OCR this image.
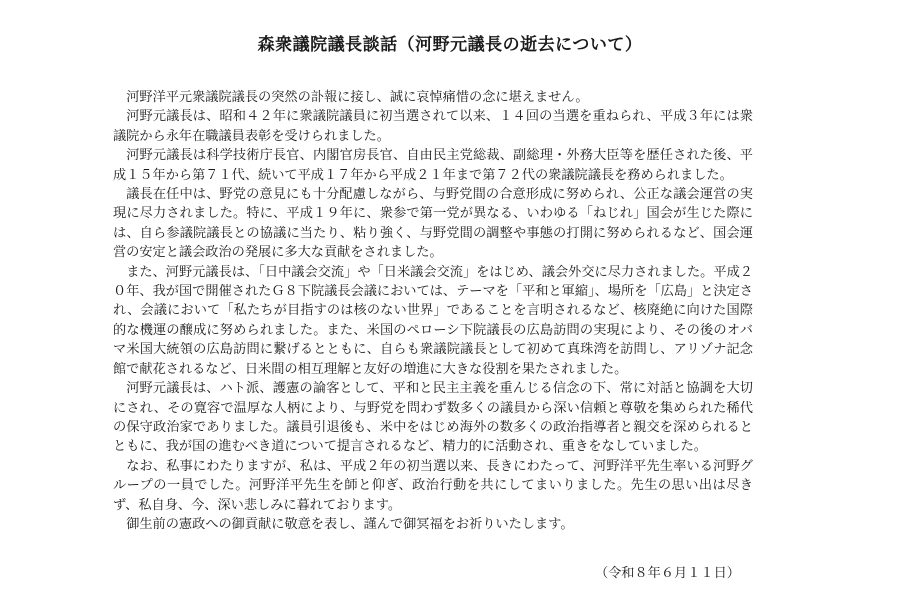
森衆議院議長談話（河野元議長の逝去について）

河野洋平元衆議院議長の突然の訃報に接し、誠に哀悼痛惜の念に堪えません。

河野元議長は、昭和４２年に衆議院議員に初当選されて以来、１４回の当選を重ねられ、平成３年には衆議院から永年在職議員表彰を受けられました。

河野元議長は科学技術庁長官、内閣官房長官、自由民主党総裁、副総理・外務大臣等を歴任された後、平成１５年から第７１代、続いて平成１７年から平成２１年まで第７２代の衆議院議長を務められました。

議長在任中は、野党の意見にも十分配慮しながら、与野党間の合意形成に努められ、公正な議会運営の実現に尽力されました。特に、平成１９年に、衆参で第一党が異なる、いわゆる「ねじれ」国会が生じた際には、自ら参議院議長との協議に当たり、粘り強く、与野党間の調整や事態の打開に努められるなど、国会運営の安定と議会政治の発展に多大な貢献をされました。

また、河野元議長は、「日中議会交流」や「日米議会交流」をはじめ、議会外交に尽力されました。平成２０年、我が国で開催されたＧ８下院議長会議においては、テーマを「平和と軍縮」、場所を「広島」と決定され、会議において「私たちが目指すのは核のない世界」であることを言明されるなど、核廃絶に向けた国際的な機運の醸成に努められました。また、米国のペローシ下院議長の広島訪問の実現により、その後のオバマ米国大統領の広島訪問に繋げるとともに、自らも衆議院議長として初めて真珠湾を訪問し、アリゾナ記念館で献花されるなど、日米間の相互理解と友好の増進に大きな役割を果たされました。

河野元議長は、ハト派、護憲の論客として、平和と民主主義を重んじる信念の下、常に対話と協調を大切にされ、その寛容で温厚な人柄により、与野党を問わず数多くの議員から深い信頼と尊敬を集められた稀代の保守政治家でありました。議員引退後も、米中をはじめ海外の数多くの政治指導者と親交を深められるとともに、我が国の進むべき道について提言されるなど、精力的に活動され、重きをなしていました。

なお、私事にわたりますが、私は、平成２年の初当選以来、長きにわたって、河野洋平先生率いる河野グループの一員でした。河野洋平先生を師と仰ぎ、政治行動を共にしてまいりました。先生の思い出は尽きず、私自身、今、深い悲しみに暮れております。

御生前の憲政への御貢献に敬意を表し、謹んで御冥福をお祈りいたします。

（令和８年６月１１日）
